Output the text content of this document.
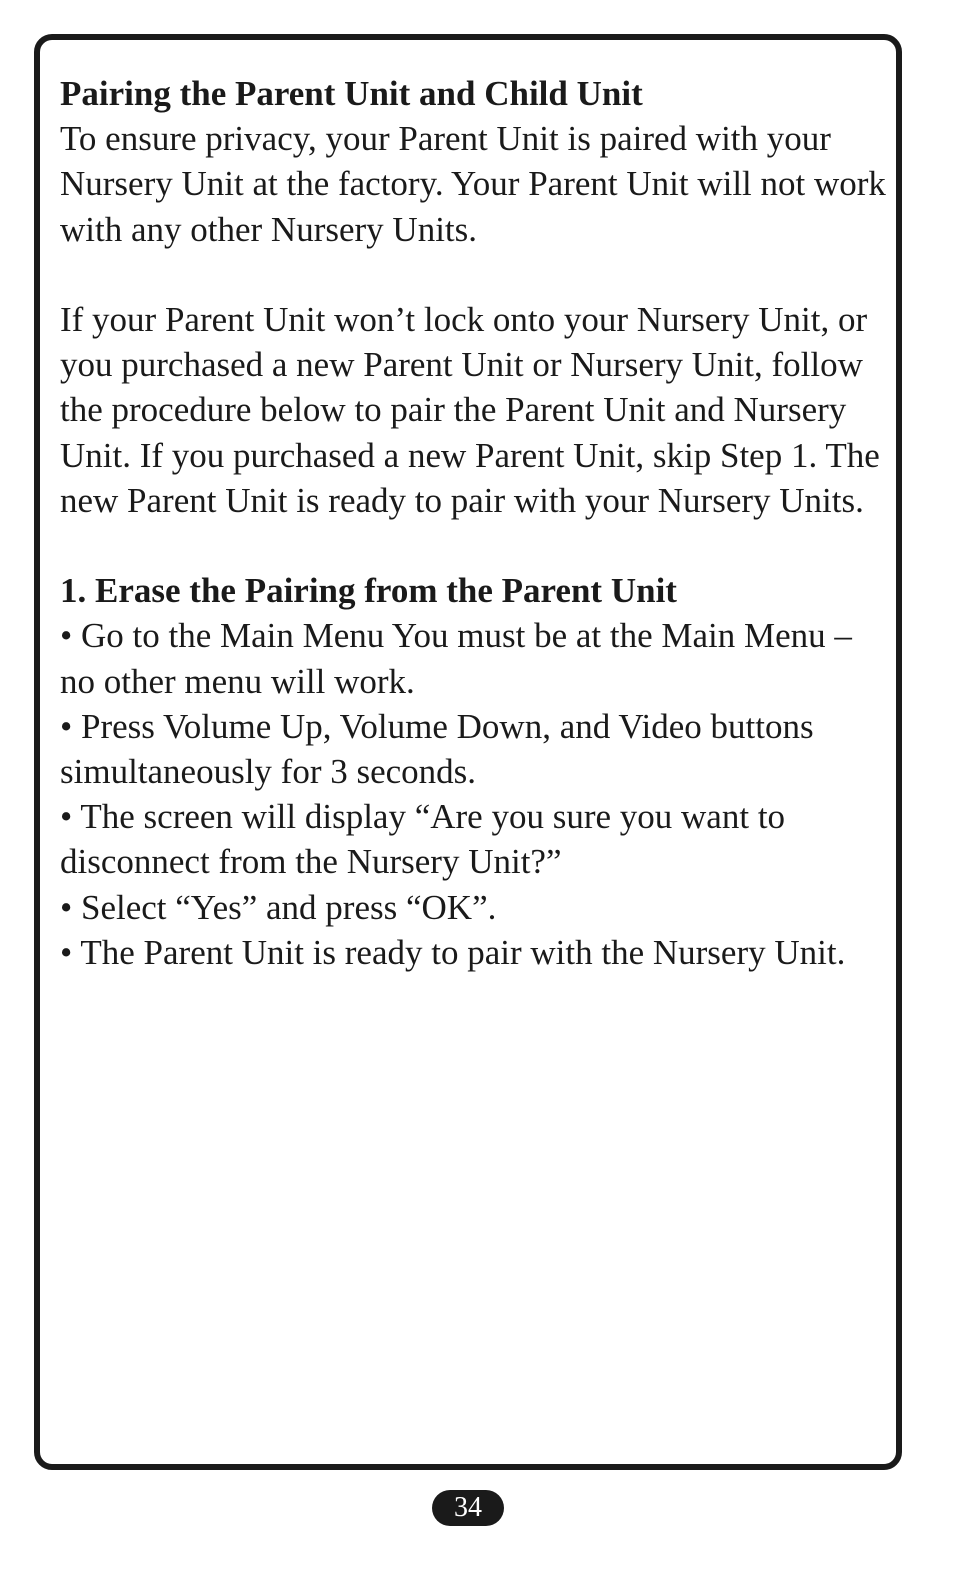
Pairing the Parent Unit and Child Unit

To ensure privacy, your Parent Unit is paired with your Nursery Unit at the factory. Your Parent Unit will not work with any other Nursery Units.

If your Parent Unit won’t lock onto your Nursery Unit, or you purchased a new Parent Unit or Nursery Unit, follow the procedure below to pair the Parent Unit and Nursery Unit. If you purchased a new Parent Unit, skip Step 1. The new Parent Unit is ready to pair with your Nursery Units.

1. Erase the Pairing from the Parent Unit

• Go to the Main Menu You must be at the Main Menu – no other menu will work.

• Press Volume Up, Volume Down, and Video buttons simultaneously for 3 seconds.

• The screen will display “Are you sure you want to disconnect from the Nursery Unit?”

• Select “Yes” and press “OK”.

• The Parent Unit is ready to pair with the Nursery Unit.

34
